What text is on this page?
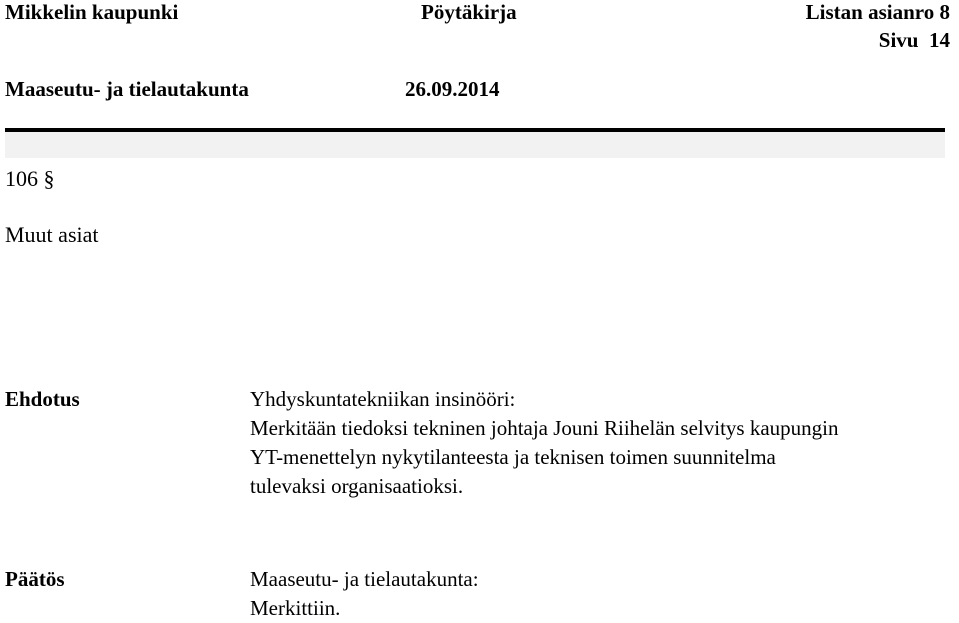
Mikkelin kaupunki	Pöytäkirja	Listan asianro 8
Sivu  14
Maaseutu- ja tielautakunta	26.09.2014
106 §
Muut asiat
Ehdotus	Yhdyskuntatekniikan insinööri:
Merkitään tiedoksi tekninen johtaja Jouni Riihelän selvitys kaupungin
YT-menettelyn nykytilanteesta ja teknisen toimen suunnitelma
tulevaksi organisaatioksi.
Päätös	Maaseutu- ja tielautakunta:
Merkittiin.
